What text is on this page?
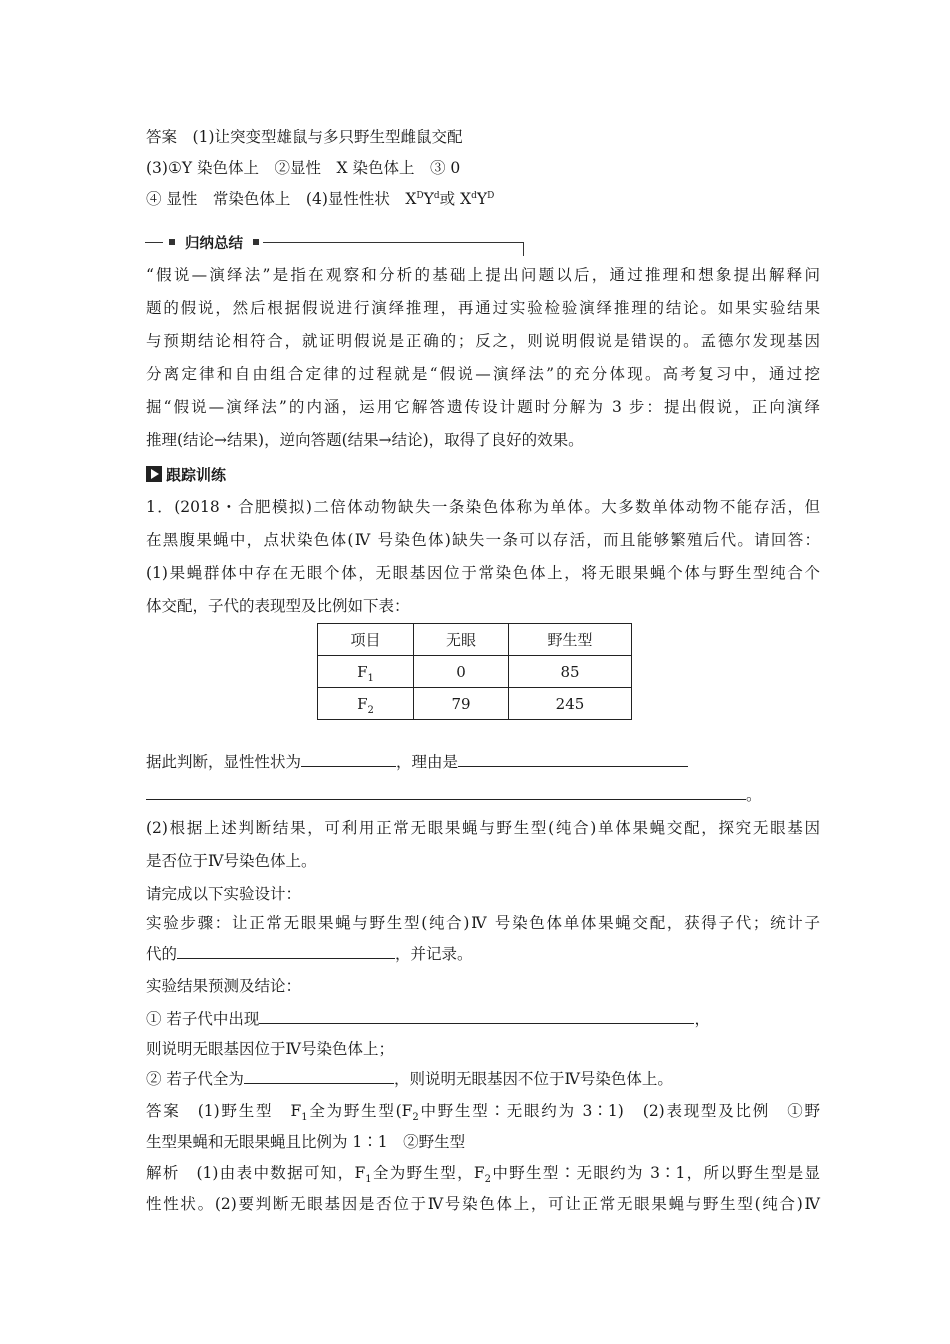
答案　 (1)让突变型雄鼠与多只野生型雌鼠交配
(3)①Y 染色体上　②显性　X 染色体上　③ 0
④ 显性　常染色体上　(4)显性性状　$X^DY^d$或 $X^dY^D$
归纳总结
“假说—演绎法”是指在观察和分析的基础上提出问题以后，通过推理和想象提出解释问
题的假说，然后根据假说进行演绎推理，再通过实验检验演绎推理的结论。如果实验结果
与预期结论相符合，就证明假说是正确的；反之，则说明假说是错误的。孟德尔发现基因
分离定律和自由组合定律的过程就是“假说—演绎法”的充分体现。高考复习中，通过挖
掘“假说—演绎法”的内涵，运用它解答遗传设计题时分解为 3 步：提出假说，正向演绎
推理(结论→结果)，逆向答题(结果→结论)，取得了良好的效果。
跟踪训练
1．(2018・合肥模拟)二倍体动物缺失一条染色体称为单体。大多数单体动物不能存活，但
在黑腹果蝇中，点状染色体(Ⅳ 号染色体)缺失一条可以存活，而且能够繁殖后代。请回答：
(1)果蝇群体中存在无眼个体，无眼基因位于常染色体上，将无眼果蝇个体与野生型纯合个
体交配，子代的表现型及比例如下表：
项目	无眼	野生型
$F_1$	0	85
$F_2$	79	245
据此判断，显性性状为	，理由是
。
(2)根据上述判断结果，可利用正常无眼果蝇与野生型(纯合)单体果蝇交配，探究无眼基因
是否位于Ⅳ号染色体上。
请完成以下实验设计：
实验步骤：让正常无眼果蝇与野生型(纯合)Ⅳ 号染色体单体果蝇交配，获得子代；统计子
代的	，并记录。
实验结果预测及结论：
① 若子代中出现	，
则说明无眼基因位于Ⅳ号染色体上；
② 若子代全为	，则说明无眼基因不位于Ⅳ号染色体上。
答案　(1)野生型　$F_1$全为野生型($F_2$中野生型∶无眼约为 3∶1)　(2)表现型及比例　①野
生型果蝇和无眼果蝇且比例为 1∶1　②野生型
解析　(1)由表中数据可知，$F_1$全为野生型，$F_2$中野生型∶无眼约为 3∶1，所以野生型是显
性性状。(2)要判断无眼基因是否位于Ⅳ号染色体上，可让正常无眼果蝇与野生型(纯合)Ⅳ
